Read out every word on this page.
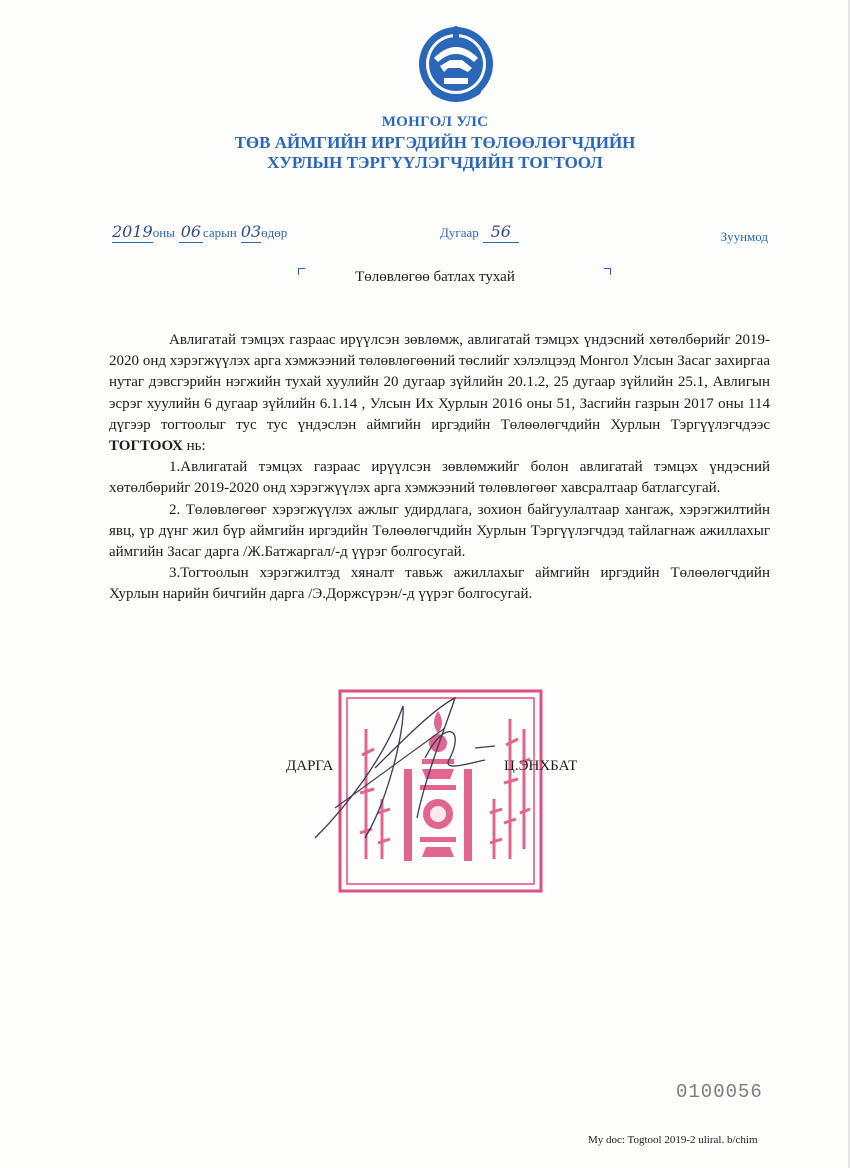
МОНГОЛ УЛС
ТӨВ АЙМГИЙН ИРГЭДИЙН ТӨЛӨӨЛӨГЧДИЙН
ХУРЛЫН ТЭРГҮҮЛЭГЧДИЙН ТОГТООЛ
2019оны 06 сарын 03өдөр	Дугаар 56	Зуунмод
Төлөвлөгөө батлах тухай

Авлигатай тэмцэх газраас ирүүлсэн зөвлөмж, авлигатай тэмцэх үндэсний хөтөлбөрийг 2019-2020 онд хэрэгжүүлэх арга хэмжээний төлөвлөгөөний төслийг хэлэлцээд Монгол Улсын Засаг захиргаа нутаг дэвсгэрийн нэгжийн тухай хуулийн 20 дугаар зүйлийн 20.1.2, 25 дугаар зүйлийн 25.1, Авлигын эсрэг хуулийн 6 дугаар зүйлийн 6.1.14 , Улсын Их Хурлын 2016 оны 51, Засгийн газрын 2017 оны 114 дүгээр тогтоолыг тус тус үндэслэн аймгийн иргэдийн Төлөөлөгчдийн Хурлын Тэргүүлэгчдээс ТОГТООХ нь:

1.Авлигатай тэмцэх газраас ирүүлсэн зөвлөмжийг болон авлигатай тэмцэх үндэсний хөтөлбөрийг 2019-2020 онд хэрэгжүүлэх арга хэмжээний төлөвлөгөөг хавсралтаар батлагсугай.

2. Төлөвлөгөөг хэрэгжүүлэх ажлыг удирдлага, зохион байгуулалтаар хангаж, хэрэгжилтийн явц, үр дүнг жил бүр аймгийн иргэдийн Төлөөлөгчдийн Хурлын Тэргүүлэгчдэд тайлагнаж ажиллахыг аймгийн Засаг дарга /Ж.Батжаргал/-д үүрэг болгосугай.

3.Тогтоолын хэрэгжилтэд хяналт тавьж ажиллахыг аймгийн иргэдийн Төлөөлөгчдийн Хурлын нарийн бичгийн дарга /Э.Доржсүрэн/-д үүрэг болгосугай.

ДАРГА	Ц.ЭНХБАТ
0100056
My doc: Togtool 2019-2 uliral. b/chim
